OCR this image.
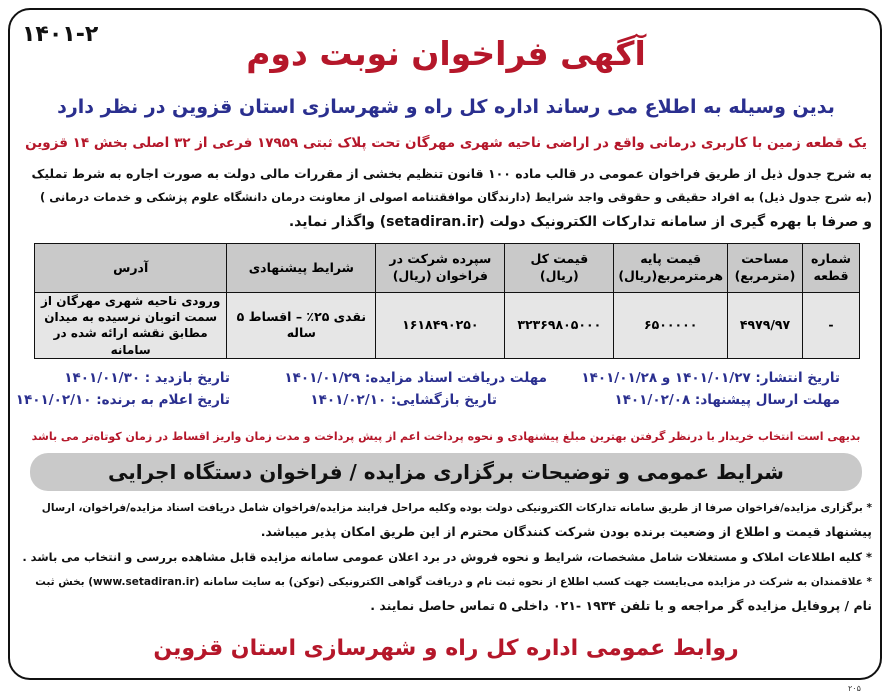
۱۴۰۱-۲	آگهی فراخوان نوبت دوم
بدین وسیله به اطلاع می رساند اداره کل راه و شهرسازی استان قزوین در نظر دارد
یک قطعه زمین با کاربری درمانی واقع در اراضی ناحیه شهری مهرگان تحت پلاک ثبتی ۱۷۹۵۹ فرعی از ۳۲ اصلی بخش ۱۴ قزوین
به شرح جدول ذیل از طریق فراخوان عمومی در قالب ماده ۱۰۰ قانون تنظیم بخشی از مقررات مالی دولت به صورت اجاره به شرط تملیک
(به شرح جدول ذیل) به افراد حقیقی و حقوقی واجد شرایط (دارندگان موافقتنامه اصولی از معاونت درمان دانشگاه علوم پزشکی و خدمات درمانی )
و صرفا با بهره گیری از سامانه تدارکات الکترونیک دولت (setadiran.ir) واگذار نماید.
شماره قطعه	مساحت (مترمربع)	قیمت پایه هرمترمربع(ریال)	قیمت کل (ریال)	سپرده شرکت در فراخوان (ریال)	شرایط پیشنهادی	آدرس
-	۴۹۷۹/۹۷	۶۵۰۰۰۰۰	۳۲۳۶۹۸۰۵۰۰۰	۱۶۱۸۴۹۰۲۵۰	نقدی ۲۵٪ – اقساط ۵ ساله	ورودی ناحیه شهری مهرگان از سمت اتوبان نرسیده به میدان مطابق نقشه ارائه شده در سامانه
تاریخ انتشار: ۱۴۰۱/۰۱/۲۷ و ۱۴۰۱/۰۱/۲۸
مهلت دریافت اسناد مزایده: ۱۴۰۱/۰۱/۲۹
تاریخ بازدید : ۱۴۰۱/۰۱/۳۰
مهلت ارسال پیشنهاد: ۱۴۰۱/۰۲/۰۸
تاریخ بازگشایی: ۱۴۰۱/۰۲/۱۰
تاریخ اعلام به برنده: ۱۴۰۱/۰۲/۱۰
بدیهی است انتخاب خریدار با درنظر گرفتن بهترین مبلغ پیشنهادی و نحوه پرداخت اعم از پیش پرداخت و مدت زمان واریز اقساط در زمان کوتاه‌تر می باشد
شرایط عمومی و توضیحات برگزاری مزایده / فراخوان دستگاه اجرایی
* برگزاری مزایده/فراخوان صرفا از طریق سامانه تدارکات الکترونیکی دولت بوده وکلیه مراحل فرایند مزایده/فراخوان شامل دریافت اسناد مزایده/فراخوان، ارسال
پیشنهاد قیمت و اطلاع از وضعیت برنده بودن شرکت کنندگان محترم از این طریق امکان پذیر میباشد.
* کلیه اطلاعات املاک و مستغلات شامل مشخصات، شرایط و نحوه فروش در برد اعلان عمومی سامانه مزایده قابل مشاهده بررسی و انتخاب می باشد .
* علاقمندان به شرکت در مزایده می‌بایست جهت کسب اطلاع از نحوه ثبت نام و دریافت گواهی الکترونیکی (توکن) به سایت سامانه (www.setadiran.ir) بخش ثبت
نام / پروفایل مزایده گر مراجعه و با تلفن ۱۹۳۴ -۰۲۱ داخلی ۵ تماس حاصل نمایند .
روابط عمومی اداره کل راه و شهرسازی استان قزوین
۲۰۵
